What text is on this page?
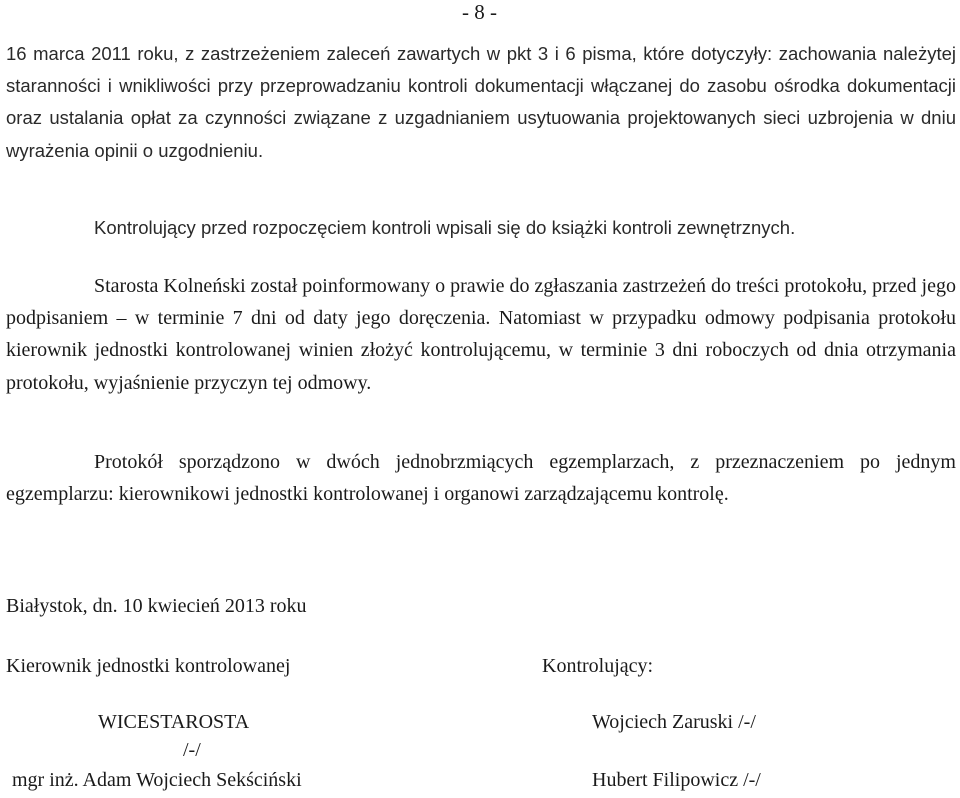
- 8 -

16 marca 2011 roku, z zastrzeżeniem zaleceń zawartych w pkt 3 i 6 pisma, które dotyczyły: zachowania należytej staranności i wnikliwości przy przeprowadzaniu kontroli dokumentacji włączanej do zasobu ośrodka dokumentacji oraz ustalania opłat za czynności związane z uzgadnianiem usytuowania projektowanych sieci uzbrojenia w dniu wyrażenia opinii o uzgodnieniu.

Kontrolujący przed rozpoczęciem kontroli wpisali się do książki kontroli zewnętrznych.

Starosta Kolneński został poinformowany o prawie do zgłaszania zastrzeżeń do treści protokołu, przed jego podpisaniem – w terminie 7 dni od daty jego doręczenia. Natomiast w przypadku odmowy podpisania protokołu kierownik jednostki kontrolowanej winien złożyć kontrolującemu, w terminie 3 dni roboczych od dnia otrzymania protokołu, wyjaśnienie przyczyn tej odmowy.

Protokół sporządzono w dwóch jednobrzmiących egzemplarzach, z przeznaczeniem po jednym egzemplarzu: kierownikowi jednostki kontrolowanej i organowi zarządzającemu kontrolę.

Białystok, dn. 10 kwiecień 2013 roku
Kierownik jednostki kontrolowanej	Kontrolujący:
WICESTAROSTA
/-/
mgr inż. Adam Wojciech Sekściński
Wojciech Zaruski /-/
Hubert Filipowicz /-/
